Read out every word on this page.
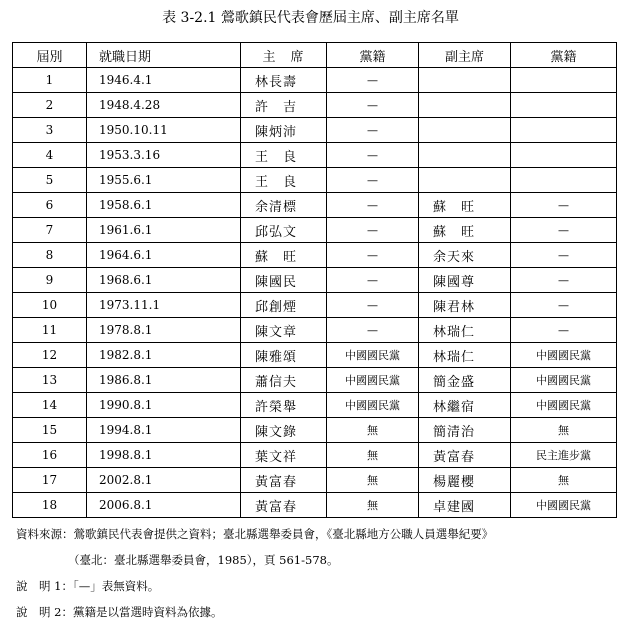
表 3-2.1 鶯歌鎮民代表會歷屆主席、副主席名單
屆別	就職日期	主　席	黨籍	副主席	黨籍
1	1946.4.1	林長壽	—		
2	1948.4.28	許　吉	—		
3	1950.10.11	陳炳沛	—		
4	1953.3.16	王　良	—		
5	1955.6.1	王　良	—		
6	1958.6.1	余清標	—	蘇　旺	—
7	1961.6.1	邱弘文	—	蘇　旺	—
8	1964.6.1	蘇　旺	—	余天來	—
9	1968.6.1	陳國民	—	陳國尊	—
10	1973.11.1	邱創煙	—	陳君林	—
11	1978.8.1	陳文章	—	林瑞仁	—
12	1982.8.1	陳雅頌	中國國民黨	林瑞仁	中國國民黨
13	1986.8.1	蕭信夫	中國國民黨	簡金盛	中國國民黨
14	1990.8.1	許榮舉	中國國民黨	林繼宿	中國國民黨
15	1994.8.1	陳文錄	無	簡清治	無
16	1998.8.1	葉文祥	無	黃富春	民主進步黨
17	2002.8.1	黃富春	無	楊麗櫻	無
18	2006.8.1	黃富春	無	卓建國	中國國民黨
資料來源：鶯歌鎮民代表會提供之資料；臺北縣選舉委員會，《臺北縣地方公職人員選舉紀要》
（臺北：臺北縣選舉委員會，1985），頁 561-578。
說　明 1：「—」表無資料。
說　明 2：黨籍是以當選時資料為依據。
